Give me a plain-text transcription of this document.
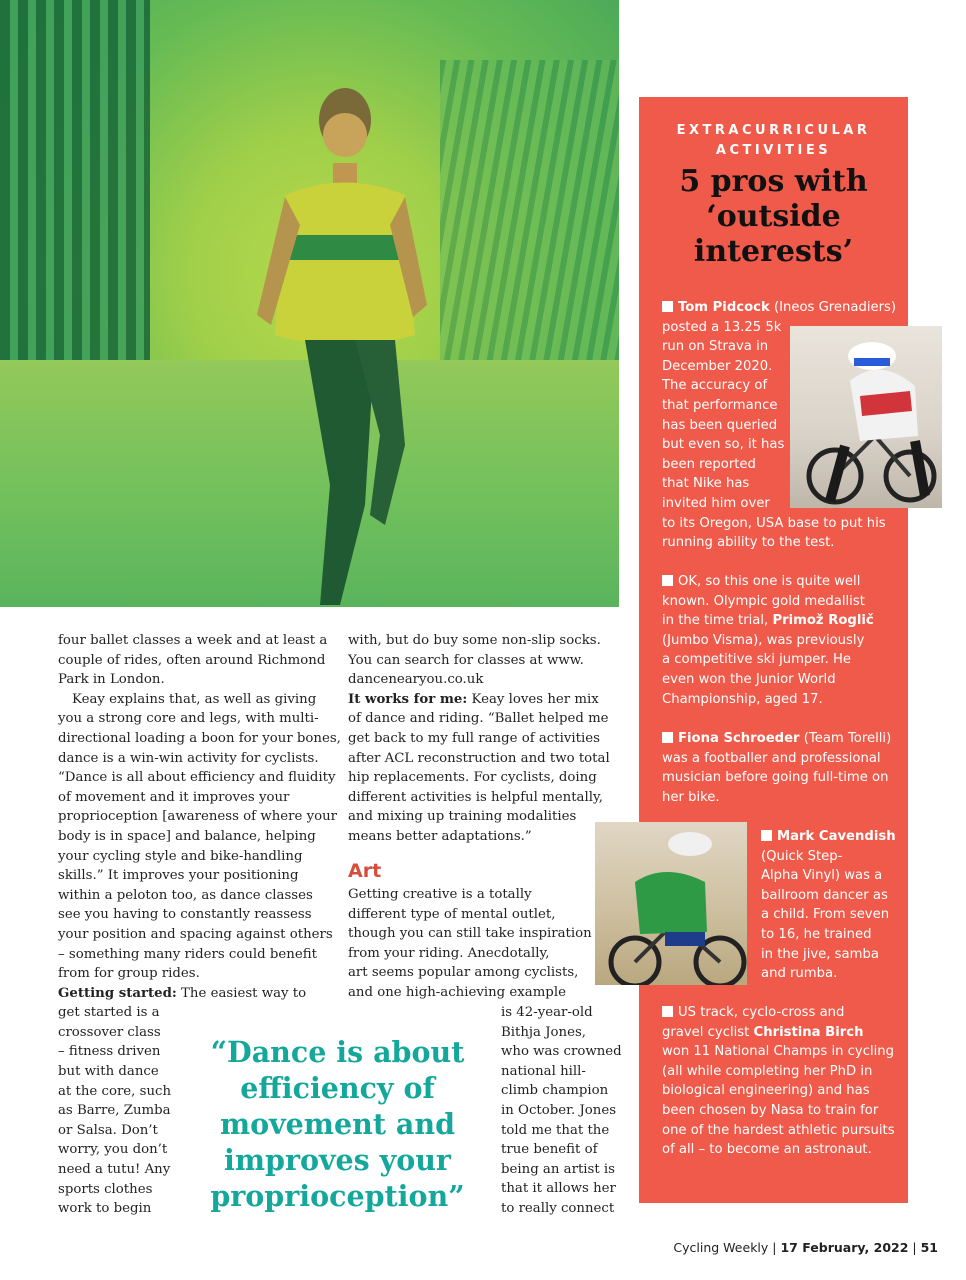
EXTRACURRICULAR ACTIVITIES
5 pros with ‘outside interests’
Tom Pidcock (Ineos Grenadiers)
posted a 13.25 5k
run on Strava in
December 2020.
The accuracy of
that performance
has been queried
but even so, it has
been reported
that Nike has
invited him over
to its Oregon, USA base to put his
running ability to the test.
OK, so this one is quite well
known. Olympic gold medallist
in the time trial, Primož Roglič
(Jumbo Visma), was previously
a competitive ski jumper. He
even won the Junior World
Championship, aged 17.
Fiona Schroeder (Team Torelli)
was a footballer and professional
musician before going full-time on
her bike.
Mark Cavendish
(Quick Step-
Alpha Vinyl) was a
ballroom dancer as
a child. From seven
to 16, he trained
in the jive, samba
and rumba.
US track, cyclo-cross and
gravel cyclist Christina Birch
won 11 National Champs in cycling
(all while completing her PhD in
biological engineering) and has
been chosen by Nasa to train for
one of the hardest athletic pursuits
of all – to become an astronaut.

four ballet classes a week and at least a

couple of rides, often around Richmond

Park in London.

Keay explains that, as well as giving

you a strong core and legs, with multi-

directional loading a boon for your bones,

dance is a win-win activity for cyclists.

“Dance is all about efficiency and fluidity

of movement and it improves your

proprioception [awareness of where your

body is in space] and balance, helping

your cycling style and bike-handling

skills.” It improves your positioning

within a peloton too, as dance classes

see you having to constantly reassess

your position and spacing against others

– something many riders could benefit

from for group rides.

Getting started: The easiest way to

get started is a

crossover class

– fitness driven

but with dance

at the core, such

as Barre, Zumba

or Salsa. Don’t

worry, you don’t

need a tutu! Any

sports clothes

work to begin

with, but do buy some non-slip socks.

You can search for classes at www.

dancenearyou.co.uk

It works for me: Keay loves her mix

of dance and riding. “Ballet helped me

get back to my full range of activities

after ACL reconstruction and two total

hip replacements. For cyclists, doing

different activities is helpful mentally,

and mixing up training modalities

means better adaptations.”

Art

Getting creative is a totally

different type of mental outlet,

though you can still take inspiration

from your riding. Anecdotally,

art seems popular among cyclists,

and one high-achieving example

is 42-year-old

Bithja Jones,

who was crowned

national hill-

climb champion

in October. Jones

told me that the

true benefit of

being an artist is

that it allows her

to really connect

“Dance is about efficiency of movement and improves your proprioception”
Cycling Weekly | 17 February, 2022 | 51
